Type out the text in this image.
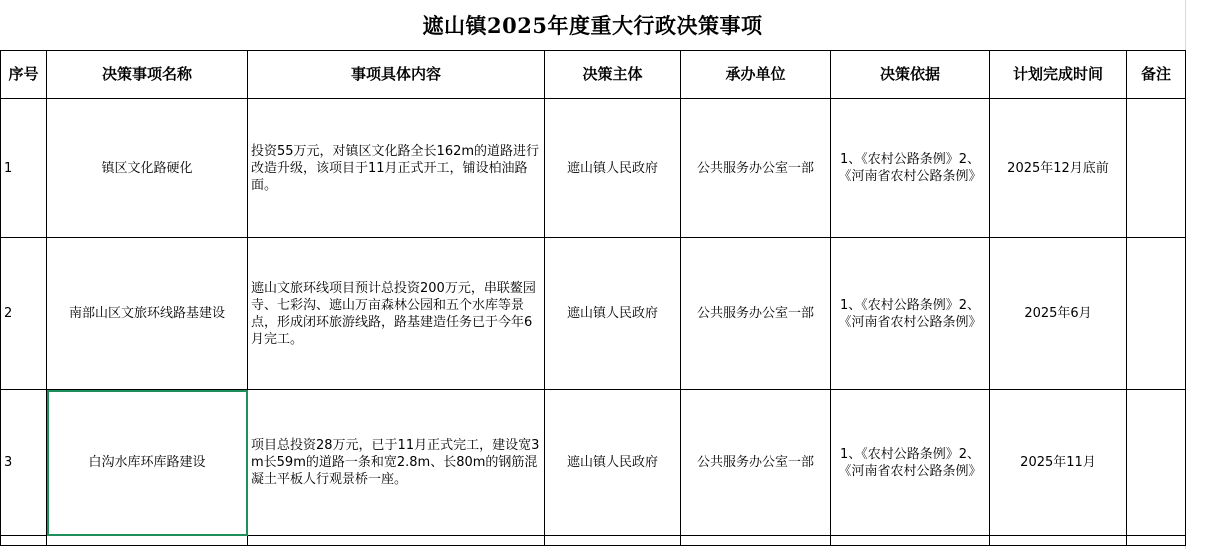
遮山镇2025年度重大行政决策事项
序号	决策事项名称	事项具体内容	决策主体	承办单位	决策依据	计划完成时间	备注
1	镇区文化路硬化	投资55万元，对镇区文化路全长162m的道路进行改造升级，该项目于11月正式开工，铺设柏油路面。	遮山镇人民政府	公共服务办公室一部	1、《农村公路条例》2、《河南省农村公路条例》	2025年12月底前	
2	南部山区文旅环线路基建设	遮山文旅环线项目预计总投资200万元，串联鳌园寺、七彩沟、遮山万亩森林公园和五个水库等景点，形成闭环旅游线路，路基建造任务已于今年6月完工。	遮山镇人民政府	公共服务办公室一部	1、《农村公路条例》2、《河南省农村公路条例》	2025年6月	
3	白沟水库环库路建设	项目总投资28万元，已于11月正式完工，建设宽3m长59m的道路一条和宽2.8m、长80m的钢筋混凝土平板人行观景桥一座。	遮山镇人民政府	公共服务办公室一部	1、《农村公路条例》2、《河南省农村公路条例》	2025年11月	
